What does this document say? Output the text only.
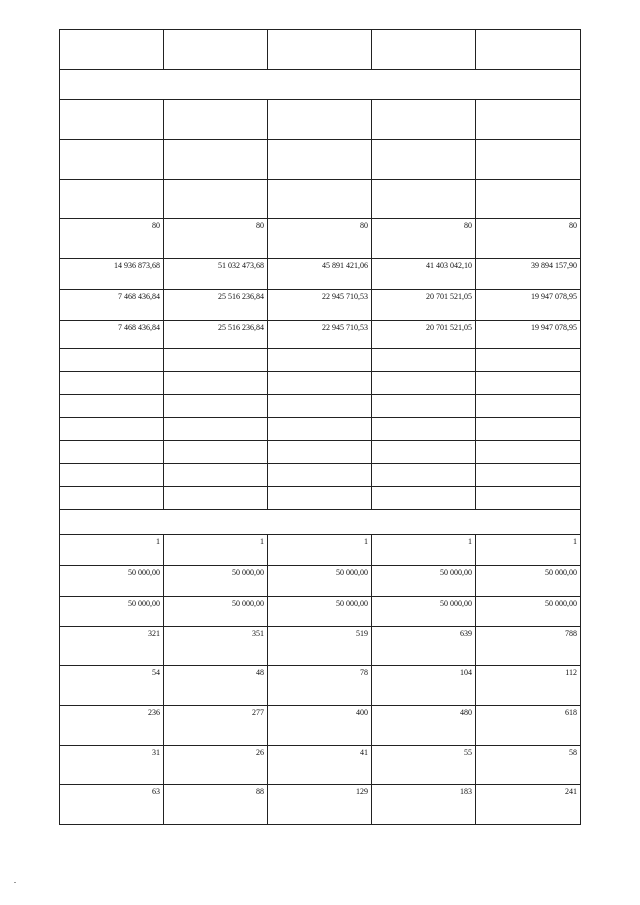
80	80	80	80	80
14 936 873,68	51 032 473,68	45 891 421,06	41 403 042,10	39 894 157,90
7 468 436,84	25 516 236,84	22 945 710,53	20 701 521,05	19 947 078,95
7 468 436,84	25 516 236,84	22 945 710,53	20 701 521,05	19 947 078,95

1	1	1	1	1
50 000,00	50 000,00	50 000,00	50 000,00	50 000,00
50 000,00	50 000,00	50 000,00	50 000,00	50 000,00
321	351	519	639	788
54	48	78	104	112
236	277	400	480	618
31	26	41	55	58
63	88	129	183	241
